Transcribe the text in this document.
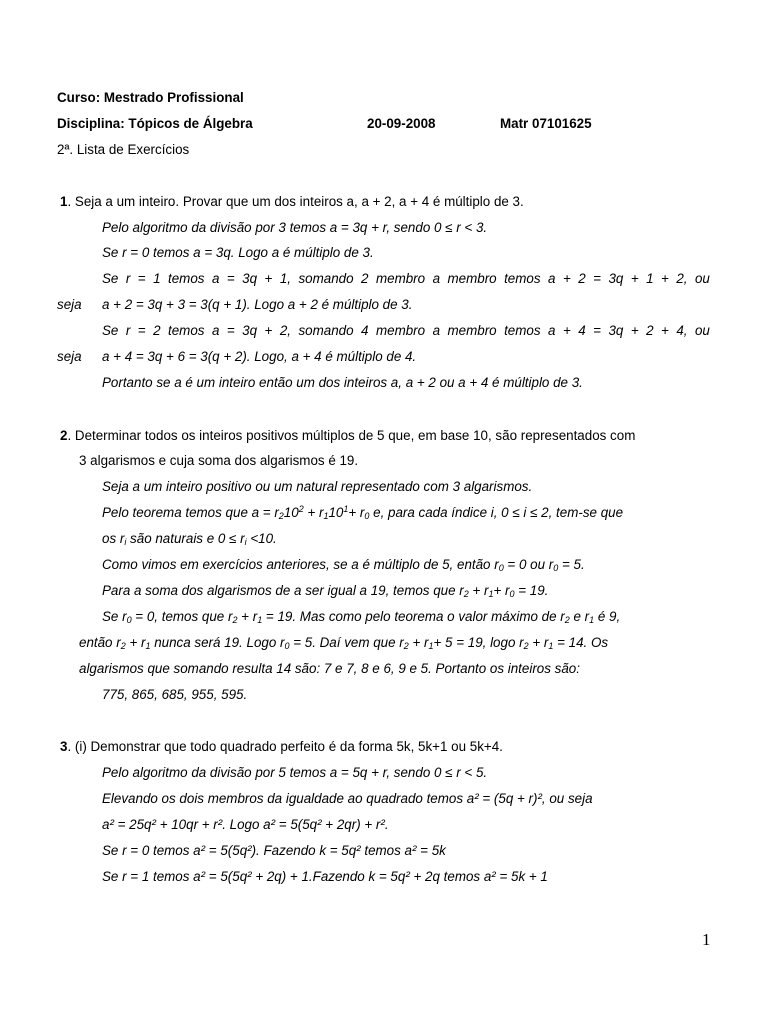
Curso: Mestrado Profissional
Disciplina: Tópicos de Álgebra	20-09-2008	Matr 07101625
2ª. Lista de Exercícios
1. Seja a um inteiro. Provar que um dos inteiros a, a + 2, a + 4 é múltiplo de 3.
Pelo algoritmo da divisão por 3 temos a = 3q + r, sendo 0 ≤ r < 3.
Se r = 0 temos a = 3q. Logo a é múltiplo de 3.
Se r = 1 temos a = 3q + 1, somando 2 membro a membro temos a + 2 = 3q + 1 + 2, ou
seja a + 2 = 3q + 3 = 3(q + 1). Logo a + 2 é múltiplo de 3.
Se r = 2 temos a = 3q + 2, somando 4 membro a membro temos a + 4 = 3q + 2 + 4, ou
seja a + 4 = 3q + 6 = 3(q + 2). Logo, a + 4 é múltiplo de 4.
Portanto se a é um inteiro então um dos inteiros a, a + 2 ou a + 4 é múltiplo de 3.
2. Determinar todos os inteiros positivos múltiplos de 5 que, em base 10, são representados com
3 algarismos e cuja soma dos algarismos é 19.
Seja a um inteiro positivo ou um natural representado com 3 algarismos.
Pelo teorema temos que $a = r_210^2 + r_110^1+ r_0$ e, para cada índice i, 0 ≤ i ≤ 2, tem-se que
os $r_i$ são naturais e $0 \le r_i <10$.
Como vimos em exercícios anteriores, se a é múltiplo de 5, então $r_0 = 0$ ou $r_0 = 5$.
Para a soma dos algarismos de a ser igual a 19, temos que $r_2 + r_1+ r_0 = 19$.
Se $r_0 = 0$, temos que $r_2 + r_1 = 19$. Mas como pelo teorema o valor máximo de $r_2$ e $r_1$ é 9,
então $r_2 + r_1$ nunca será 19. Logo $r_0 = 5$. Daí vem que $r_2 + r_1+ 5 = 19$, logo $r_2 + r_1 = 14$. Os
algarismos que somando resulta 14 são: 7 e 7, 8 e 6, 9 e 5. Portanto os inteiros são:
775, 865, 685, 955, 595.
3. (i) Demonstrar que todo quadrado perfeito é da forma 5k, 5k+1 ou 5k+4.
Pelo algoritmo da divisão por 5 temos a = 5q + r, sendo 0 ≤ r < 5.
Elevando os dois membros da igualdade ao quadrado temos a² = (5q + r)², ou seja
a² = 25q² + 10qr + r². Logo a² = 5(5q² + 2qr) + r².
Se r = 0 temos a² = 5(5q²). Fazendo k = 5q² temos a² = 5k
Se r = 1 temos a² = 5(5q² + 2q) + 1.Fazendo k = 5q² + 2q temos a² = 5k + 1
1
